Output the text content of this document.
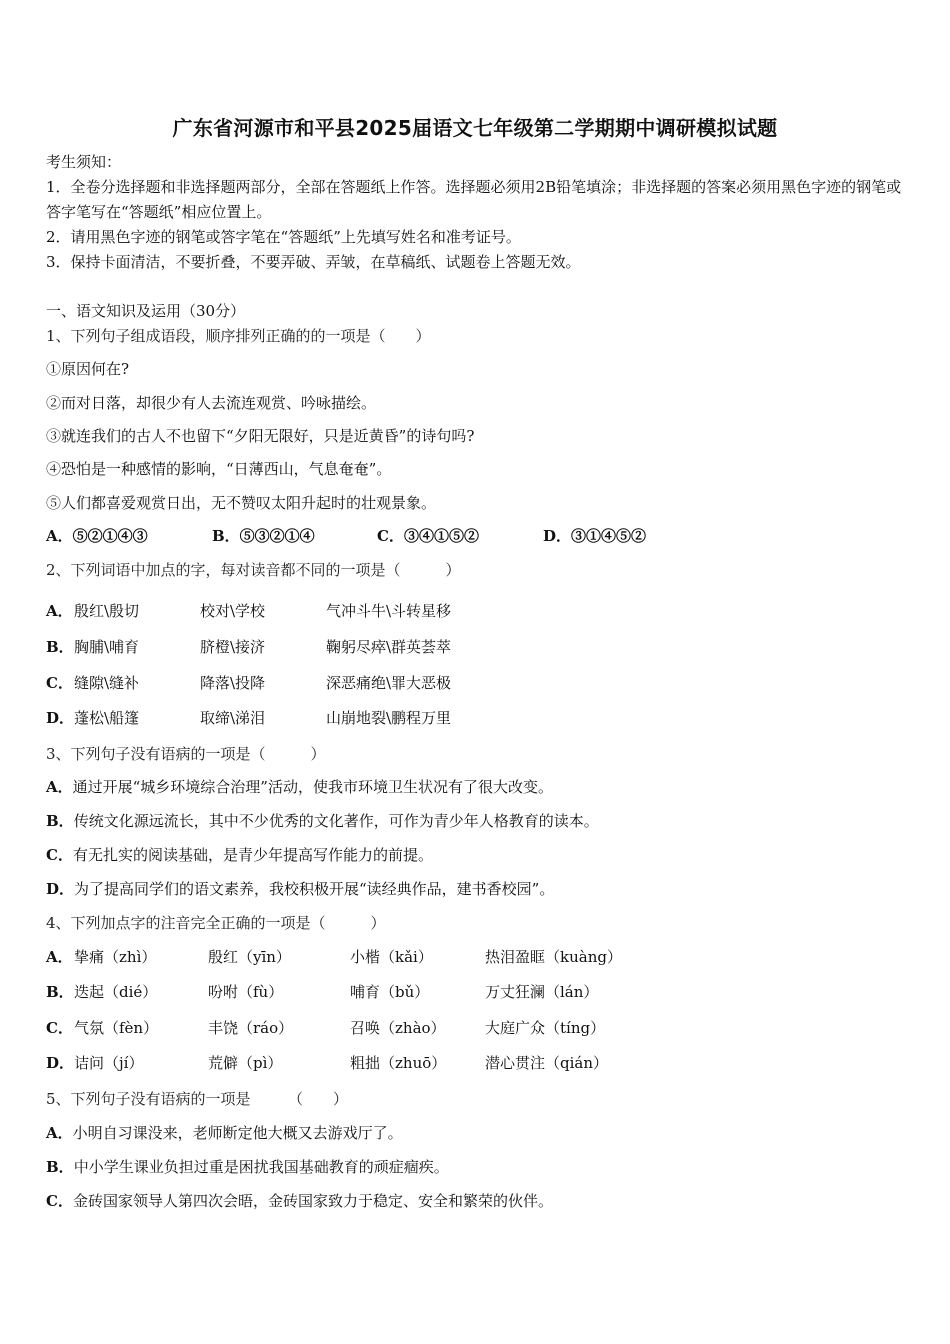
广东省河源市和平县2025届语文七年级第二学期期中调研模拟试题
考生须知：
1．全卷分选择题和非选择题两部分，全部在答题纸上作答。选择题必须用2B铅笔填涂；非选择题的答案必须用黑色字迹的钢笔或答字笔写在“答题纸”相应位置上。
2．请用黑色字迹的钢笔或答字笔在“答题纸”上先填写姓名和准考证号。
3．保持卡面清洁，不要折叠，不要弄破、弄皱，在草稿纸、试题卷上答题无效。
一、语文知识及运用（30分）
1、下列句子组成语段，顺序排列正确的的一项是（　　）
①原因何在?
②而对日落，却很少有人去流连观赏、吟咏描绘。
③就连我们的古人不也留下“夕阳无限好，只是近黄昏”的诗句吗?
④恐怕是一种感情的影响，“日薄西山，气息奄奄”。
⑤人们都喜爱观赏日出，无不赞叹太阳升起时的壮观景象。
A．⑤②①④③	B．⑤③②①④	C．③④①⑤②	D．③①④⑤②
2、下列词语中加点的字，每对读音都不同的一项是（　　　）
A． 殷红\殷切	校对\学校	气冲斗牛\斗转星移
B． 胸脯\哺育	脐橙\接济	鞠躬尽瘁\群英荟萃
C． 缝隙\缝补	降落\投降	深恶痛绝\罪大恶极
D． 蓬松\船篷	取缔\涕泪	山崩地裂\鹏程万里
3、下列句子没有语病的一项是（　　　）
A．通过开展“城乡环境综合治理”活动，使我市环境卫生状况有了很大改变。
B．传统文化源远流长，其中不少优秀的文化著作，可作为青少年人格教育的读本。
C．有无扎实的阅读基础，是青少年提高写作能力的前提。
D．为了提高同学们的语文素养，我校积极开展“读经典作品，建书香校园”。
4、下列加点字的注音完全正确的一项是（　　　）
A． 挚痛（zhì）	殷红（yīn）	小楷（kǎi）	热泪盈眶（kuàng）
B． 迭起（dié）	吩咐（fù）	哺育（bǔ）	万丈狂澜（lán）
C． 气氛（fèn）	丰饶（ráo）	召唤（zhào）	大庭广众（tíng）
D． 诘问（jí）	荒僻（pì）	粗拙（zhuō）	潜心贯注（qián）
5、下列句子没有语病的一项是　　　（　　）
A．小明自习课没来，老师断定他大概又去游戏厅了。
B．中小学生课业负担过重是困扰我国基础教育的顽症痼疾。
C．金砖国家领导人第四次会晤，金砖国家致力于稳定、安全和繁荣的伙伴。
